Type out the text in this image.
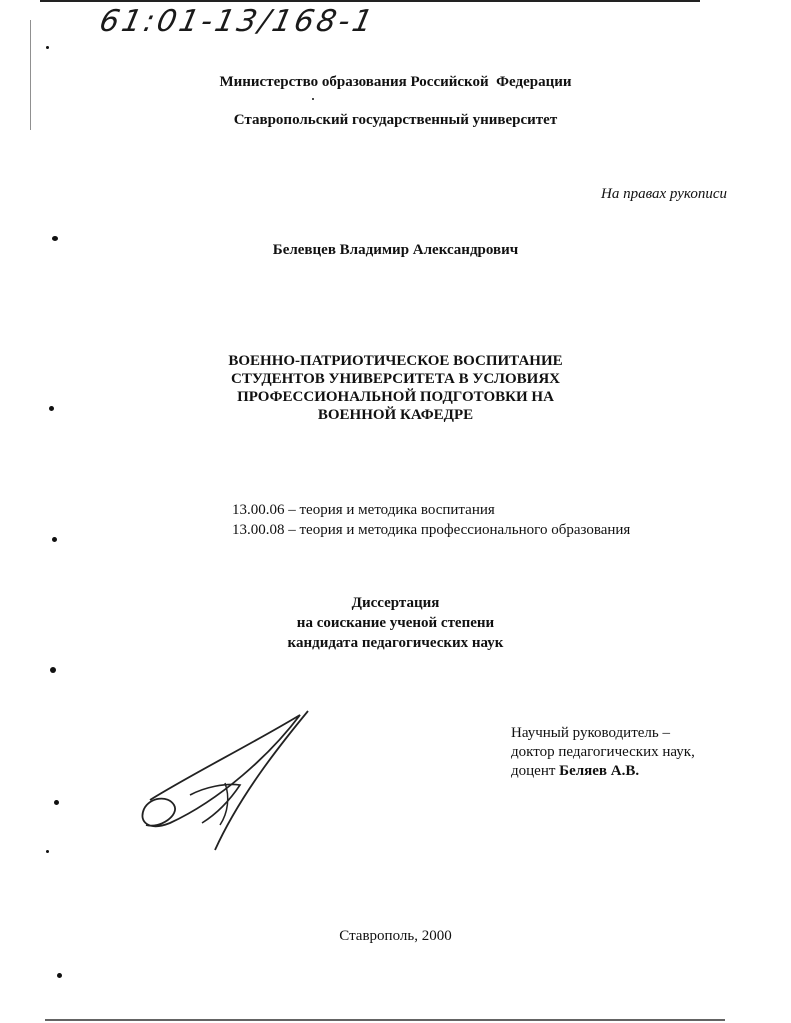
61:01-13/168-1
Министерство образования Российской  Федерации
Ставропольский государственный университет
На правах рукописи
Белевцев Владимир Александрович
ВОЕННО-ПАТРИОТИЧЕСКОЕ ВОСПИТАНИЕ
СТУДЕНТОВ УНИВЕРСИТЕТА В УСЛОВИЯХ
ПРОФЕССИОНАЛЬНОЙ ПОДГОТОВКИ НА
ВОЕННОЙ КАФЕДРЕ
13.00.06 – теория и методика воспитания
13.00.08 – теория и методика профессионального образования
Диссертация
на соискание ученой степени
кандидата педагогических наук
Научный руководитель –
доктор педагогических наук,
доцент Беляев А.В.
Ставрополь, 2000
